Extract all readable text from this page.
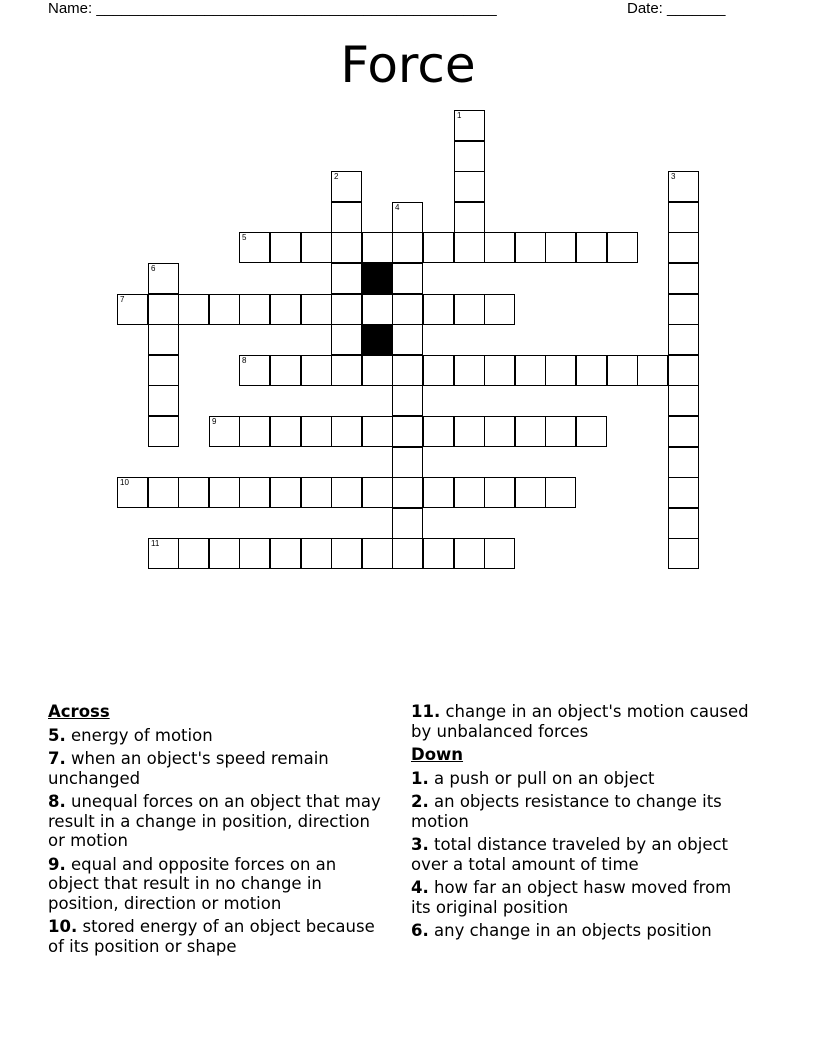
Name: ________________________________________________	Date: _______
Force
1
2	3
4
5
6
7
8
9
10
11
Across
5. energy of motion
7. when an object's speed remain unchanged
8. unequal forces on an object that may result in a change in position, direction or motion
9. equal and opposite forces on an object that result in no change in position, direction or motion
10. stored energy of an object because of its position or shape
11. change in an object's motion caused by unbalanced forces
Down
1. a push or pull on an object
2. an objects resistance to change its motion
3. total distance traveled by an object over a total amount of time
4. how far an object hasw moved from its original position
6. any change in an objects position
